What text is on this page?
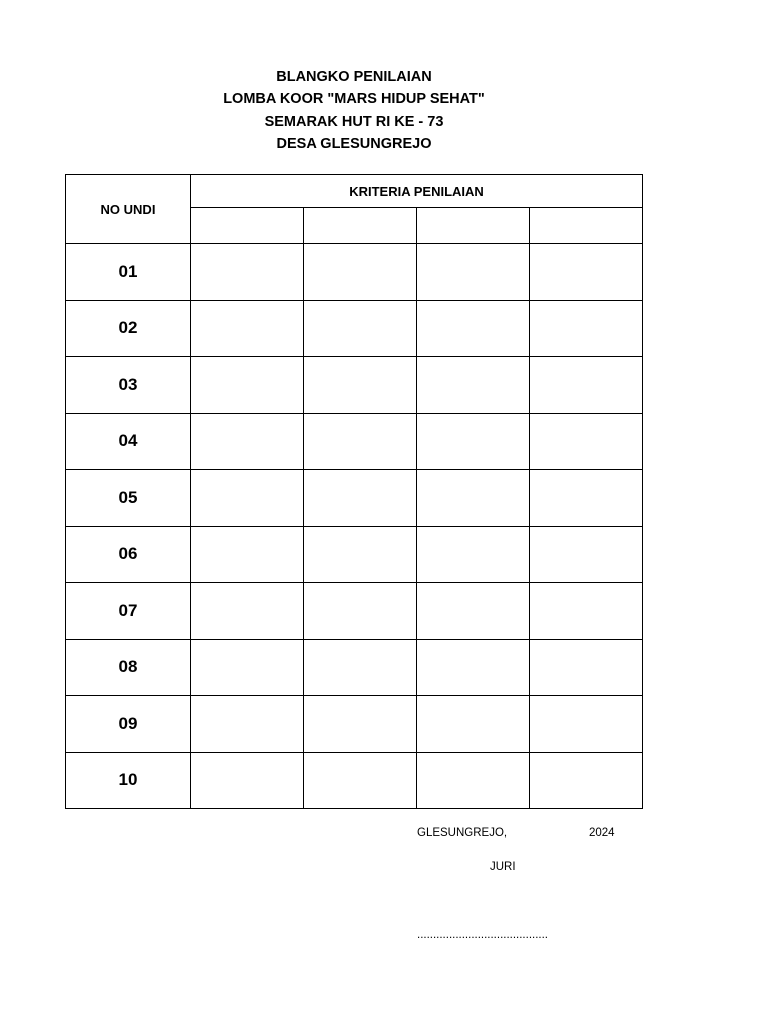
BLANGKO PENILAIAN
LOMBA KOOR "MARS HIDUP SEHAT"
SEMARAK HUT RI KE - 73
DESA GLESUNGREJO
NO UNDI	KRITERIA PENILAIAN			

01				
02				
03				
04				
05				
06				
07				
08				
09				
10				
GLESUNGREJO,	2024
JURI
.........................................
